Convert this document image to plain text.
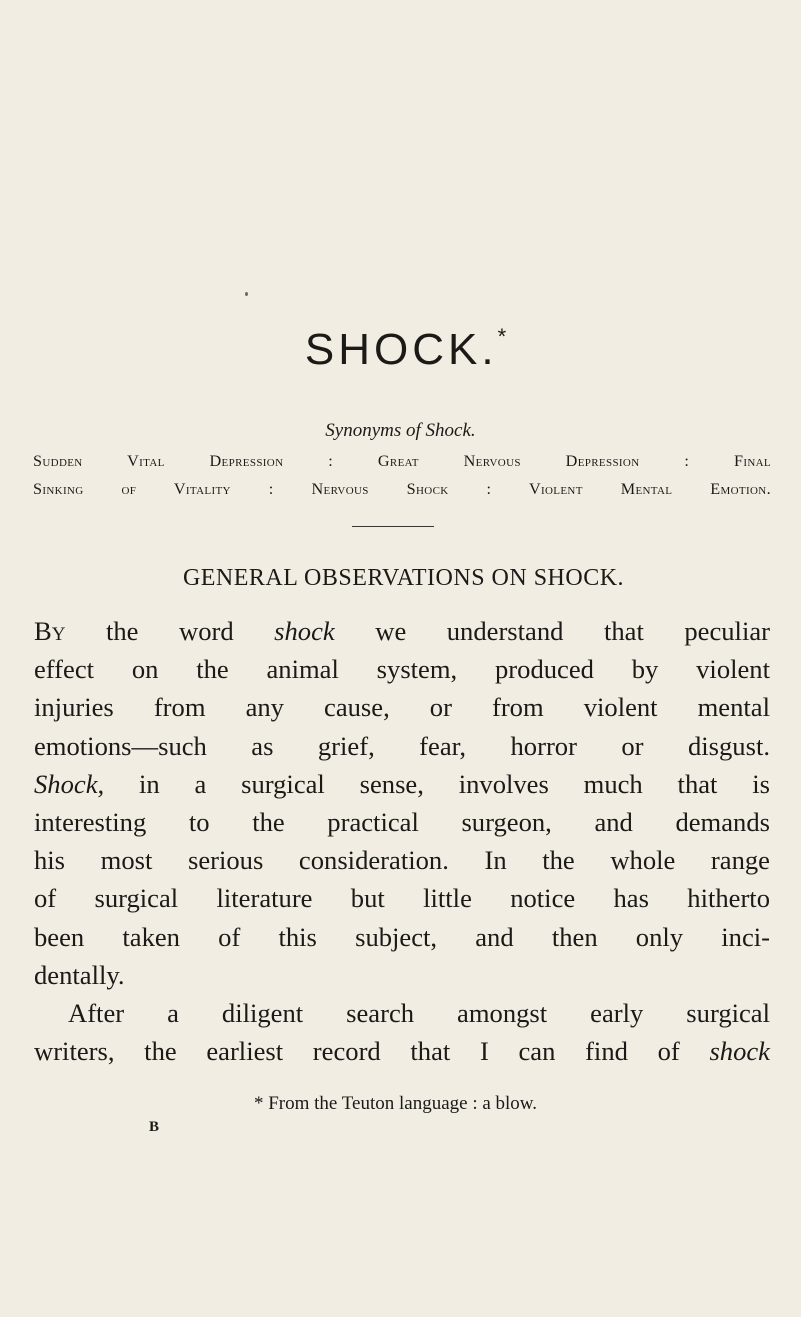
SHOCK.*
Synonyms of Shock.
Sudden Vital Depression : Great Nervous Depression : Final
Sinking of Vitality : Nervous Shock : Violent Mental Emotion.
GENERAL OBSERVATIONS ON SHOCK.
By the word shock we understand that peculiar
effect on the animal system, produced by violent
injuries from any cause, or from violent mental
emotions—such as grief, fear, horror or disgust.
Shock, in a surgical sense, involves much that is
interesting to the practical surgeon, and demands
his most serious consideration. In the whole range
of surgical literature but little notice has hitherto
been taken of this subject, and then only inci-
dentally.
After a diligent search amongst early surgical
writers, the earliest record that I can find of shock
* From the Teuton language : a blow.
B
